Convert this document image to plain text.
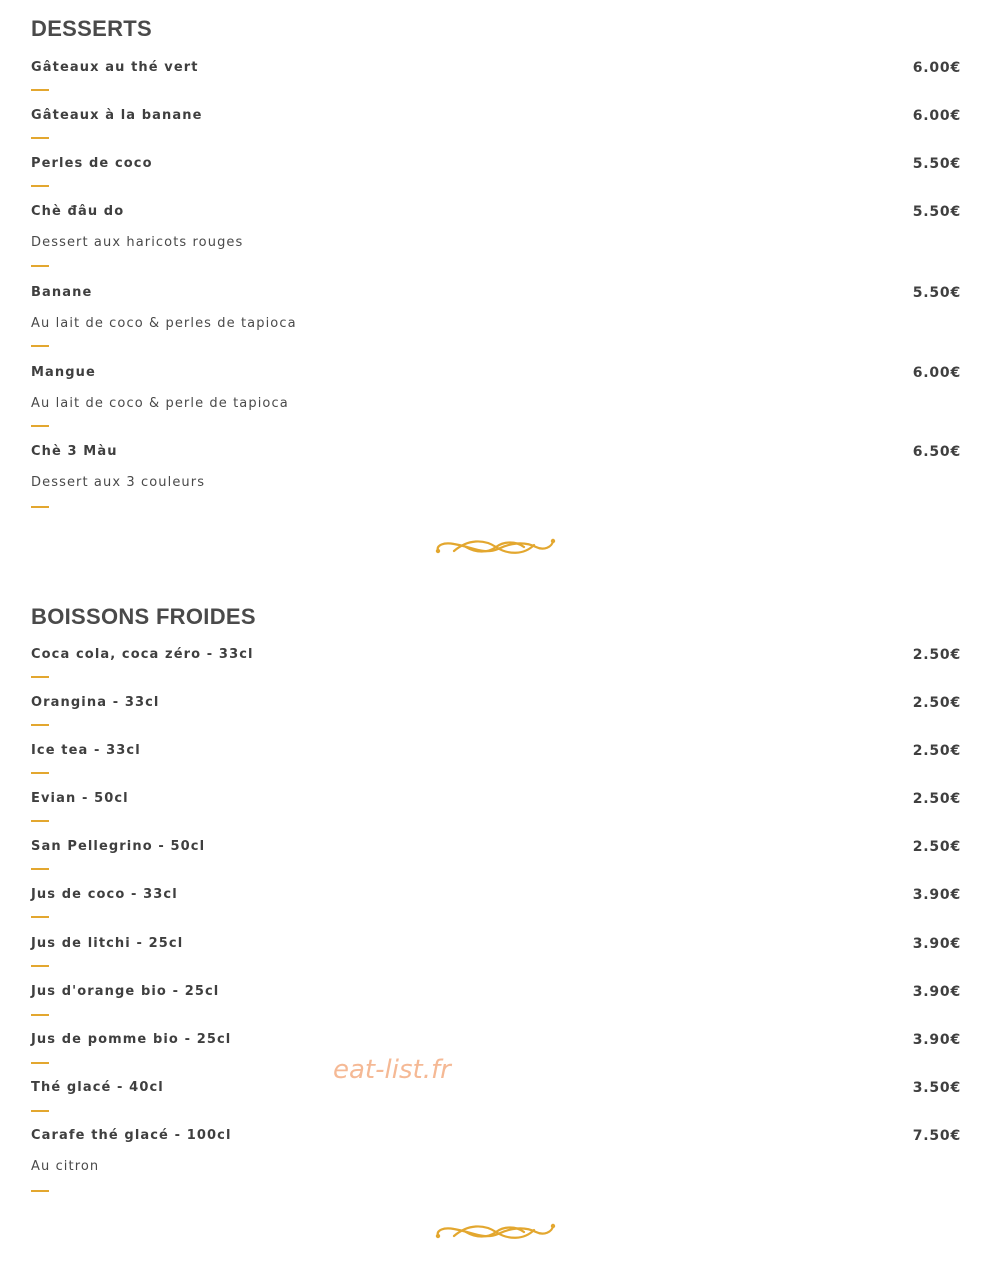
DESSERTS
Gâteaux au thé vert	6.00€
Gâteaux à la banane	6.00€
Perles de coco	5.50€
Chè đâu do	5.50€
Dessert aux haricots rouges
Banane	5.50€
Au lait de coco & perles de tapioca
Mangue	6.00€
Au lait de coco & perle de tapioca
Chè 3 Màu	6.50€
Dessert aux 3 couleurs
BOISSONS FROIDES
Coca cola, coca zéro - 33cl	2.50€
Orangina - 33cl	2.50€
Ice tea - 33cl	2.50€
Evian - 50cl	2.50€
San Pellegrino - 50cl	2.50€
Jus de coco - 33cl	3.90€
Jus de litchi - 25cl	3.90€
Jus d'orange bio - 25cl	3.90€
Jus de pomme bio - 25cl	3.90€
Thé glacé - 40cl	3.50€
Carafe thé glacé - 100cl	7.50€
Au citron
eat-list.fr
